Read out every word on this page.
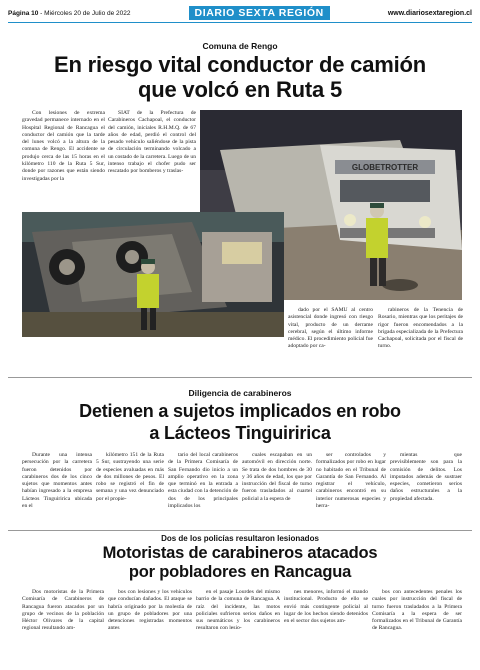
Página 10 - Miércoles 20 de Julio de 2022	DIARIO SEXTA REGIÓN	www.diariosextaregion.cl
Comuna de Rengo
En riesgo vital conductor de camión
que volcó en Ruta 5

Con lesiones de extrema gravedad permanece internado en el Hospital Regional de Rancagua el conductor del camión que la tarde del lunes volcó a la altura de la comuna de Rengo. El accidente se produjo cerca de las 15 horas en el kilómetro 110 de la Ruta 5 Sur, donde por razones que están siendo investigadas por la

SIAT de la Prefectura de Carabineros Cachapoal, el conductor del camión, iniciales R.H.M.Q. de 67 años de edad, perdió el control del pesado vehículo saliéndose de la pista de circulación terminando volcado a un costado de la carretera. Luego de un intenso trabajo el chofer pudo ser rescatado por bomberos y traslas-	GLOBETROTTER

dado por el SAMU al centro asistencial donde ingresó con riesgo vital, producto de un derrame cerebral, según el último informe médico. El procedimiento policial fue adoptado por ca-

rabineros de la Tenencia de Rosario, mientras que los peritajes de rigor fueron encomendados a la brigada especializada de la Prefectura Cachapoal, solicitada por el fiscal de turno.

Diligencia de carabineros
Detienen a sujetos implicados en robo
a Lácteos Tinguiririca

Durante una intensa persecución por la carretera fueron detenidos por carabineros dos de los cinco sujetos que momentos antes habían ingresado a la empresa Lácteos Tinguiririca ubicada en el

kilómetro 151 de la Ruta 5 Sur, sustrayendo una serie de especies avaluadas en más de dos millones de pesos. El robo se registró el fin de semana y una vez denunciado por el propie-

tario del local carabineros de la Primera Comisaría de San Fernando dio inicio a un amplio operativo en la zona que terminó en la entrada a esta ciudad con la detención de dos de los principales implicados los

cuales escapaban en un automóvil en dirección norte. Se trata de dos hombres de 30 y 36 años de edad, los que por instrucción del fiscal de turno fueron trasladados al cuartel policial a la espera de

ser controlados y formalizados por robo en lugar no habitado en el Tribunal de Garantía de San Fernando. Al registrar el vehículo, carabineros encontró en su interior numerosas especies y herra-

mientas que previsiblemente son para la comisión de delitos. Los imputados además de sustraer especies, cometieron serios daños estructurales a la propiedad afectada.

Dos de los policías resultaron lesionados
Motoristas de carabineros atacados
por pobladores en Rancagua

Dos motoristas de la Primera Comisaría de Carabineros de Rancagua fueron atacados por un grupo de vecinos de la población Héctor Olivares de la capital regional resultando am-

bos con lesiones y los vehículos que conducían dañados. El ataque se habría originado por la molestia de un grupo de pobladores por una detenciones registradas momentos antes

en el pasaje Lourdes del mismo barrio de la comuna de Rancagua. A raíz del incidente, las motos policiales sufrieron serios daños en sus neumáticos y los carabineros resultaron con lesio-

nes menores, informó el mando institucional. Producto de ello se envió más contingente policial al lugar de los hechos siendo detenidos en el sector dos sujetos am-

bos con antecedentes penales los cuales por instrucción del fiscal de turno fueron trasladados a la Primera Comisaría a la espera de ser formalizados en el Tribunal de Garantía de Rancagua.
